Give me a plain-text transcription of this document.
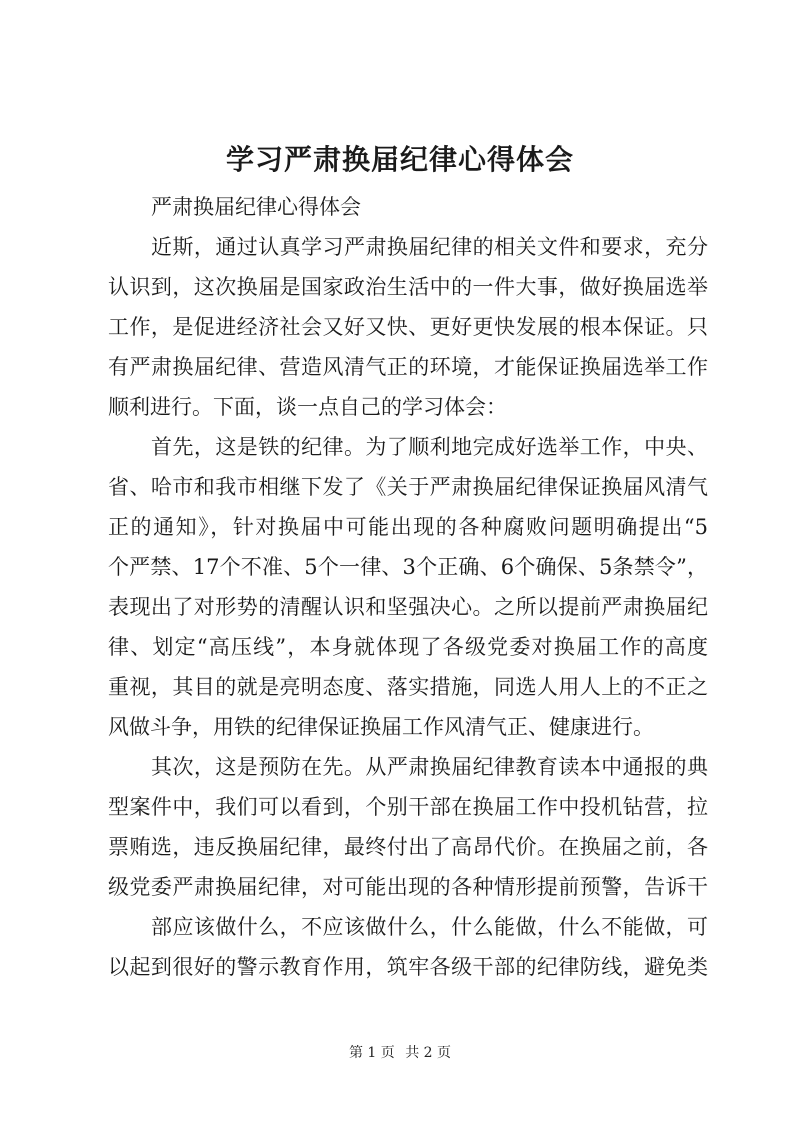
学习严肃换届纪律心得体会
严肃换届纪律心得体会
近斯，通过认真学习严肃换届纪律的相关文件和要求，充分
认识到，这次换届是国家政治生活中的一件大事，做好换届选举
工作，是促进经济社会又好又快、更好更快发展的根本保证。只
有严肃换届纪律、营造风清气正的环境，才能保证换届选举工作
顺利进行。下面，谈一点自己的学习体会：
首先，这是铁的纪律。为了顺利地完成好选举工作，中央、
省、哈市和我市相继下发了《关于严肃换届纪律保证换届风清气
正的通知》，针对换届中可能出现的各种腐败问题明确提出“5
个严禁、17个不准、5个一律、3个正确、6个确保、5条禁令”，
表现出了对形势的清醒认识和坚强决心。之所以提前严肃换届纪
律、划定“高压线”，本身就体现了各级党委对换届工作的高度
重视，其目的就是亮明态度、落实措施，同选人用人上的不正之
风做斗争，用铁的纪律保证换届工作风清气正、健康进行。
其次，这是预防在先。从严肃换届纪律教育读本中通报的典
型案件中，我们可以看到，个别干部在换届工作中投机钻营，拉
票贿选，违反换届纪律，最终付出了高昂代价。在换届之前，各
级党委严肃换届纪律，对可能出现的各种情形提前预警，告诉干
部应该做什么，不应该做什么，什么能做，什么不能做，可
以起到很好的警示教育作用，筑牢各级干部的纪律防线，避免类
第 1 页 共 2 页
